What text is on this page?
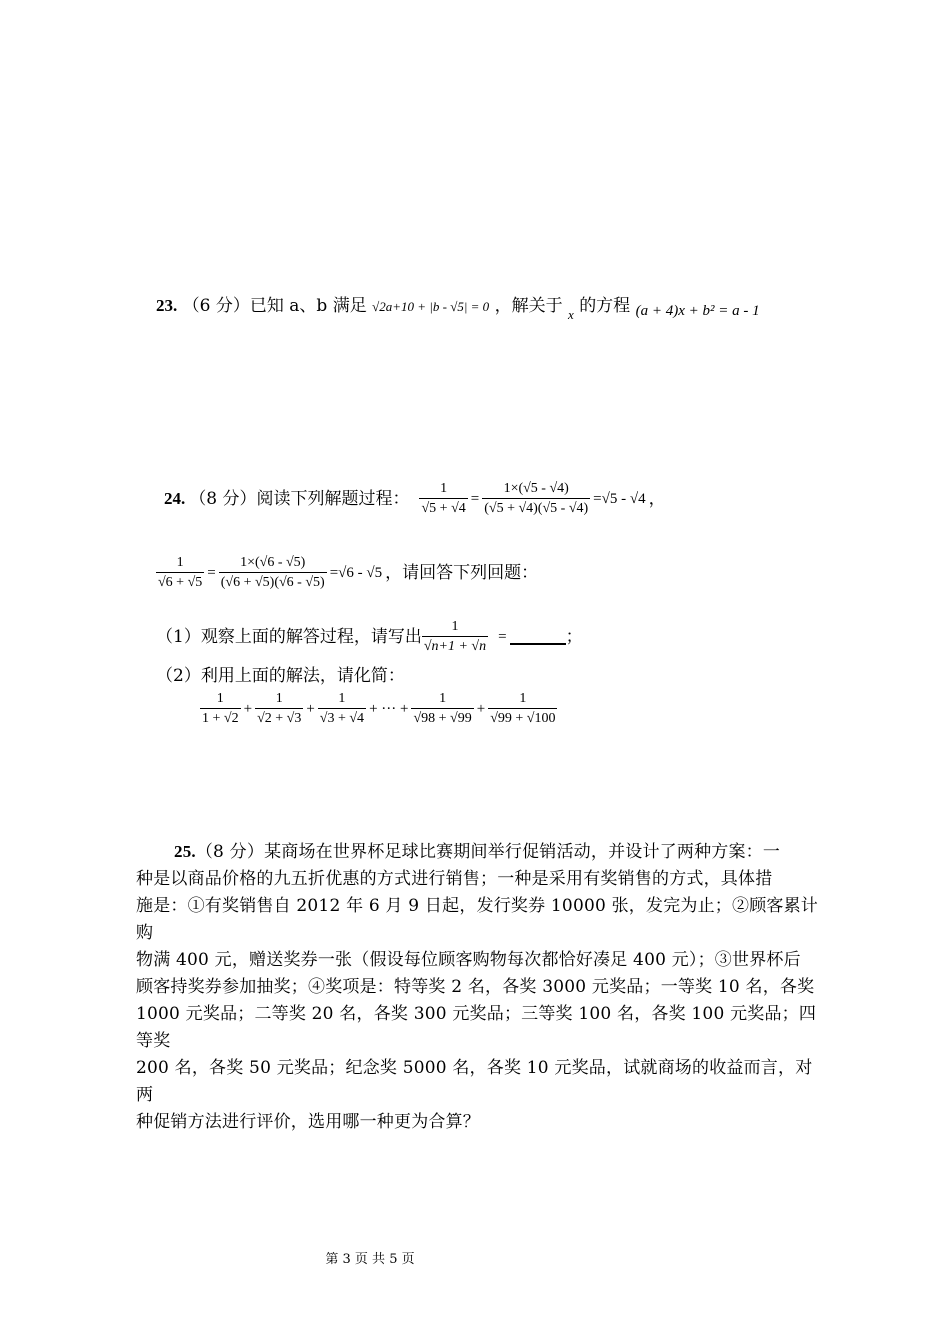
23. （6 分）已知 a、b 满足 √2a+10 + |b - √5| = 0 ，解关于 $_x$ 的方程 (a + 4)x + b² = a - 1
24. （8 分）阅读下列解题过程： $\frac{1}{√5 + √4} = \frac{1\times(√5 - √4)}{(√5 + √4)(√5 - √4)} =√5 - √4$ ，
$\frac{1}{√6 + √5} = \frac{1\times(√6 - √5)}{(√6 + √5)(√6 - √5)} =√6 - √5$ ，请回答下列回题：
（1）观察上面的解答过程，请写出 $\frac{1}{√n+1 + √n}$ =	；
（2）利用上面的解法，请化简：
$\frac{1}{1 + √2} + \frac{1}{√2 + √3} + \frac{1}{√3 + √4}$ + ··· + $\frac{1}{√98 + √99} + \frac{1}{√99 + √100}$
25.（8 分）某商场在世界杯足球比赛期间举行促销活动，并设计了两种方案：一
种是以商品价格的九五折优惠的方式进行销售；一种是采用有奖销售的方式，具体措
施是：①有奖销售自 2012 年 6 月 9 日起，发行奖券 10000 张，发完为止；②顾客累计购
物满 400 元，赠送奖券一张（假设每位顾客购物每次都恰好凑足 400 元）；③世界杯后
顾客持奖券参加抽奖；④奖项是：特等奖 2 名，各奖 3000 元奖品；一等奖 10 名，各奖
1000 元奖品；二等奖 20 名，各奖 300 元奖品；三等奖 100 名，各奖 100 元奖品；四等奖
200 名，各奖 50 元奖品；纪念奖 5000 名，各奖 10 元奖品，试就商场的收益而言，对两
种促销方法进行评价，选用哪一种更为合算？
第 3 页 共 5 页
